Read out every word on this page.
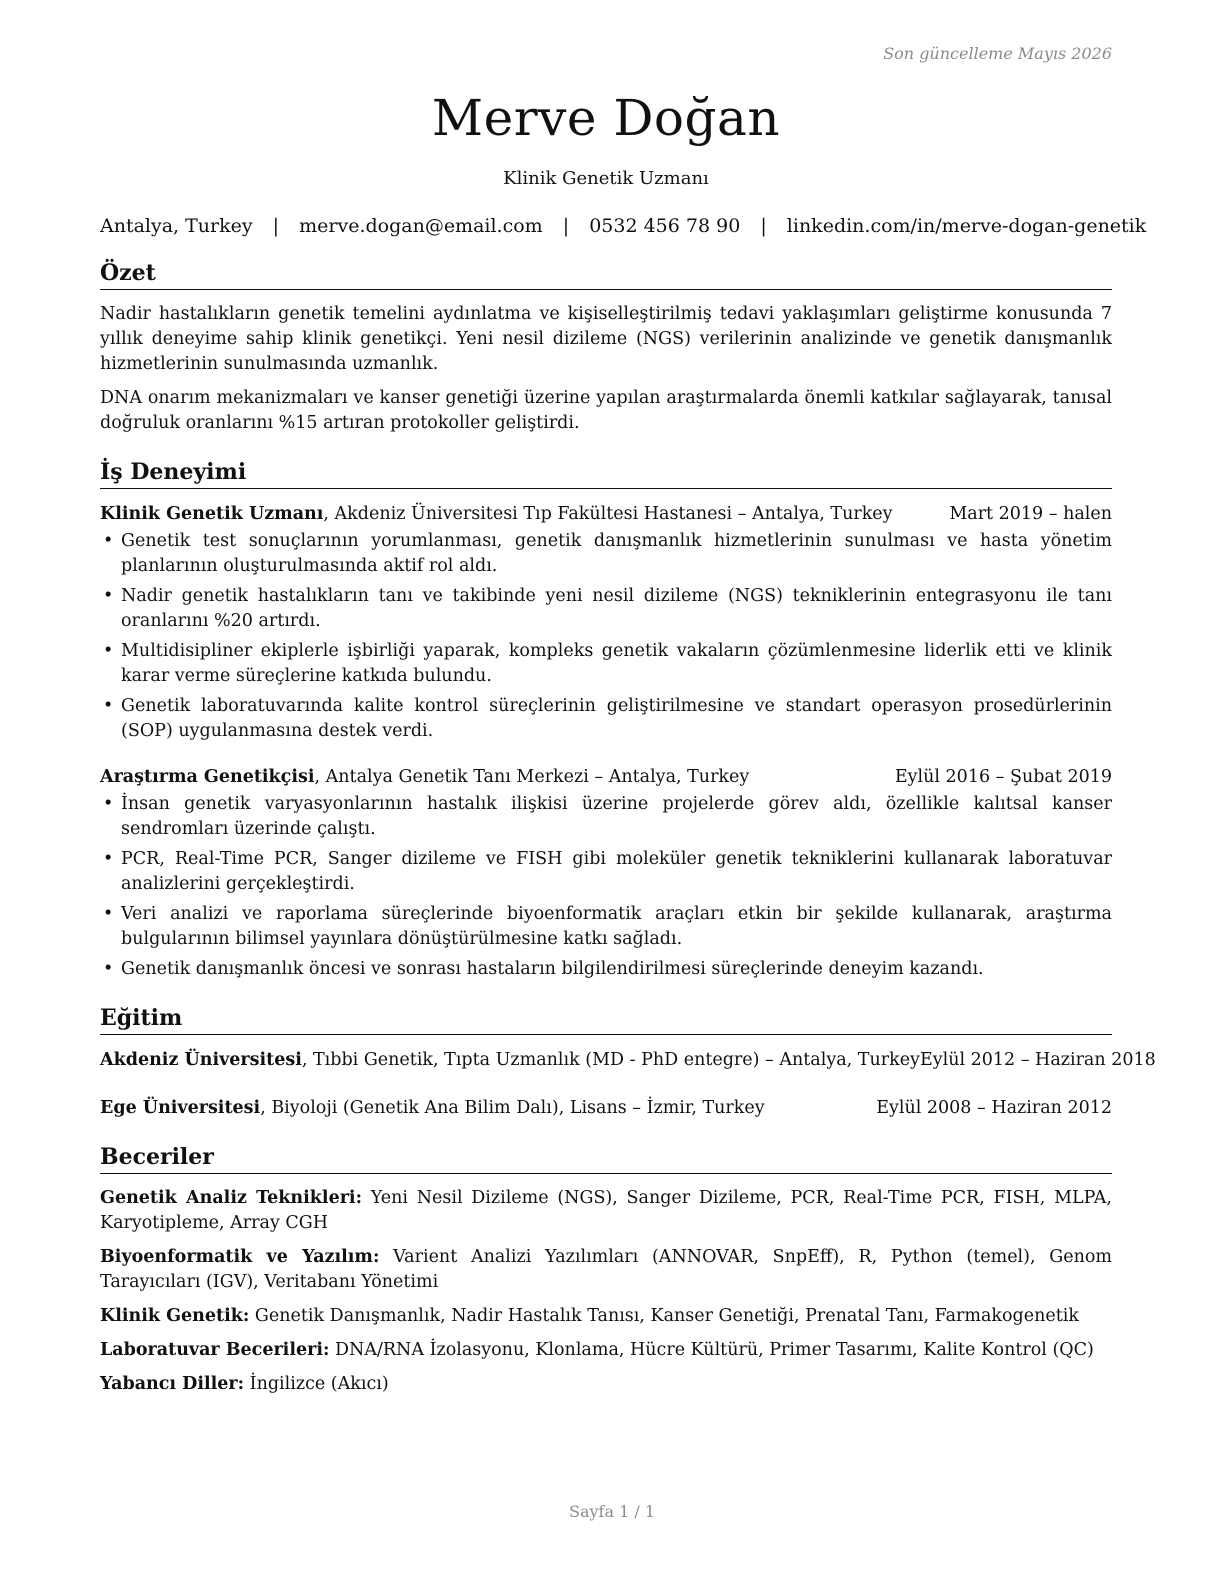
Son güncelleme Mayıs 2026
Merve Doğan
Klinik Genetik Uzmanı
Antalya, Turkey | merve.dogan@email.com | 0532 456 78 90 | linkedin.com/in/merve-dogan-genetik
Özet

Nadir hastalıkların genetik temelini aydınlatma ve kişiselleştirilmiş tedavi yaklaşımları geliştirme konusunda 7 yıllık deneyime sahip klinik genetikçi. Yeni nesil dizileme (NGS) verilerinin analizinde ve genetik danışmanlık hizmetlerinin sunulmasında uzmanlık.

DNA onarım mekanizmaları ve kanser genetiği üzerine yapılan araştırmalarda önemli katkılar sağlayarak, tanısal doğruluk oranlarını %15 artıran protokoller geliştirdi.

İş Deneyimi
Klinik Genetik Uzmanı, Akdeniz Üniversitesi Tıp Fakültesi Hastanesi – Antalya, Turkey	Mart 2019 – halen
• Genetik test sonuçlarının yorumlanması, genetik danışmanlık hizmetlerinin sunulması ve hasta yönetim planlarının oluşturulmasında aktif rol aldı.
• Nadir genetik hastalıkların tanı ve takibinde yeni nesil dizileme (NGS) tekniklerinin entegrasyonu ile tanı oranlarını %20 artırdı.
• Multidisipliner ekiplerle işbirliği yaparak, kompleks genetik vakaların çözümlenmesine liderlik etti ve klinik karar verme süreçlerine katkıda bulundu.
• Genetik laboratuvarında kalite kontrol süreçlerinin geliştirilmesine ve standart operasyon prosedürlerinin (SOP) uygulanmasına destek verdi.
Araştırma Genetikçisi, Antalya Genetik Tanı Merkezi – Antalya, Turkey	Eylül 2016 – Şubat 2019
• İnsan genetik varyasyonlarının hastalık ilişkisi üzerine projelerde görev aldı, özellikle kalıtsal kanser sendromları üzerinde çalıştı.
• PCR, Real-Time PCR, Sanger dizileme ve FISH gibi moleküler genetik tekniklerini kullanarak laboratuvar analizlerini gerçekleştirdi.
• Veri analizi ve raporlama süreçlerinde biyoenformatik araçları etkin bir şekilde kullanarak, araştırma bulgularının bilimsel yayınlara dönüştürülmesine katkı sağladı.
• Genetik danışmanlık öncesi ve sonrası hastaların bilgilendirilmesi süreçlerinde deneyim kazandı.
Eğitim
Akdeniz Üniversitesi, Tıbbi Genetik, Tıpta Uzmanlık (MD - PhD entegre) – Antalya, Turkey Eylül 2012 – Haziran 2018
Ege Üniversitesi, Biyoloji (Genetik Ana Bilim Dalı), Lisans – İzmir, Turkey	Eylül 2008 – Haziran 2012
Beceriler
Genetik Analiz Teknikleri: Yeni Nesil Dizileme (NGS), Sanger Dizileme, PCR, Real-Time PCR, FISH, MLPA, Karyotipleme, Array CGH
Biyoenformatik ve Yazılım: Varient Analizi Yazılımları (ANNOVAR, SnpEff), R, Python (temel), Genom Tarayıcıları (IGV), Veritabanı Yönetimi
Klinik Genetik: Genetik Danışmanlık, Nadir Hastalık Tanısı, Kanser Genetiği, Prenatal Tanı, Farmakogenetik
Laboratuvar Becerileri: DNA/RNA İzolasyonu, Klonlama, Hücre Kültürü, Primer Tasarımı, Kalite Kontrol (QC)
Yabancı Diller: İngilizce (Akıcı)
Sayfa 1 / 1
